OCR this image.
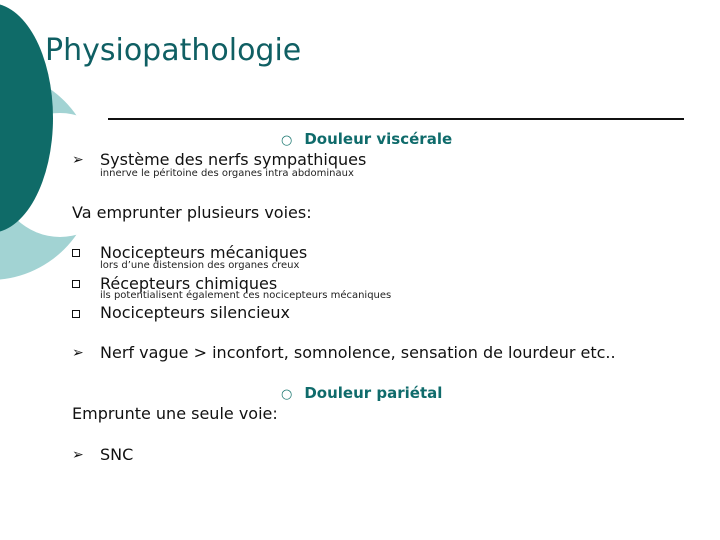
Physiopathologie
○ Douleur viscérale
➢ Système des nerfs sympathiques
innerve le péritoine des organes intra abdominaux
Va emprunter plusieurs voies:
Nocicepteurs mécaniques
lors d’une distension des organes creux
Récepteurs chimiques
ils potentialisent également ces nocicepteurs mécaniques
Nocicepteurs silencieux
➢ Nerf vague > inconfort, somnolence, sensation de lourdeur etc..
○ Douleur pariétal
Emprunte une seule voie:
➢ SNC
